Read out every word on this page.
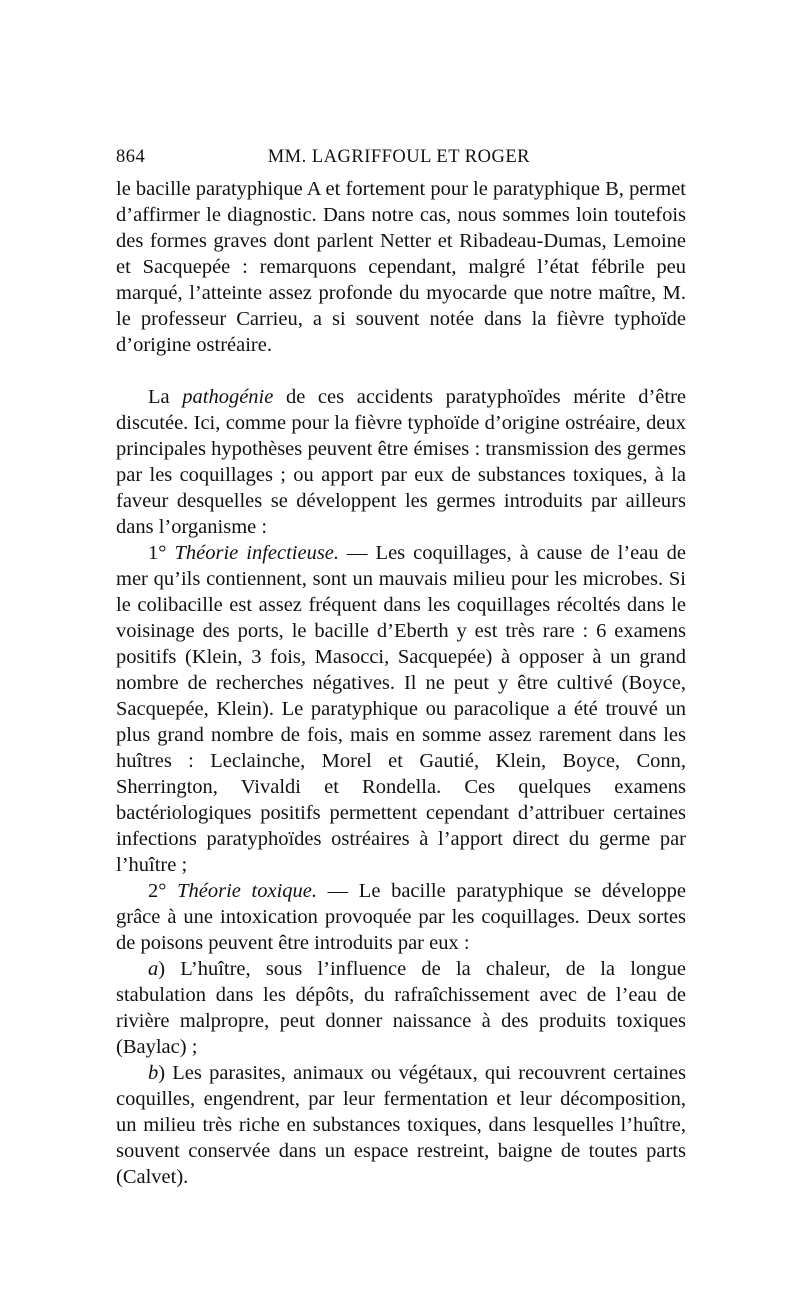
864	MM. LAGRIFFOUL ET ROGER

le bacille paratyphique A et fortement pour le paratyphique B, permet d’affirmer le diagnostic. Dans notre cas, nous sommes loin toutefois des formes graves dont parlent Netter et Ribadeau-Dumas, Lemoine et Sacquepée : remarquons cependant, malgré l’état fébrile peu marqué, l’atteinte assez profonde du myocarde que notre maître, M. le professeur Carrieu, a si souvent notée dans la fièvre typhoïde d’origine ostréaire.

La pathogénie de ces accidents paratyphoïdes mérite d’être discutée. Ici, comme pour la fièvre typhoïde d’origine ostréaire, deux principales hypothèses peuvent être émises : transmission des germes par les coquillages ; ou apport par eux de substances toxiques, à la faveur desquelles se développent les germes introduits par ailleurs dans l’organisme :

1° Théorie infectieuse. — Les coquillages, à cause de l’eau de mer qu’ils contiennent, sont un mauvais milieu pour les microbes. Si le colibacille est assez fréquent dans les coquillages récoltés dans le voisinage des ports, le bacille d’Eberth y est très rare : 6 examens positifs (Klein, 3 fois, Masocci, Sacquepée) à opposer à un grand nombre de recherches négatives. Il ne peut y être cultivé (Boyce, Sacquepée, Klein). Le paratyphique ou paracolique a été trouvé un plus grand nombre de fois, mais en somme assez rarement dans les huîtres : Leclainche, Morel et Gautié, Klein, Boyce, Conn, Sherrington, Vivaldi et Rondella. Ces quelques examens bactériologiques positifs permettent cependant d’attribuer certaines infections paratyphoïdes ostréaires à l’apport direct du germe par l’huître ;

2° Théorie toxique. — Le bacille paratyphique se développe grâce à une intoxication provoquée par les coquillages. Deux sortes de poisons peuvent être introduits par eux :

a) L’huître, sous l’influence de la chaleur, de la longue stabulation dans les dépôts, du rafraîchissement avec de l’eau de rivière malpropre, peut donner naissance à des produits toxiques (Baylac) ;

b) Les parasites, animaux ou végétaux, qui recouvrent certaines coquilles, engendrent, par leur fermentation et leur décomposition, un milieu très riche en substances toxiques, dans lesquelles l’huître, souvent conservée dans un espace restreint, baigne de toutes parts (Calvet).
